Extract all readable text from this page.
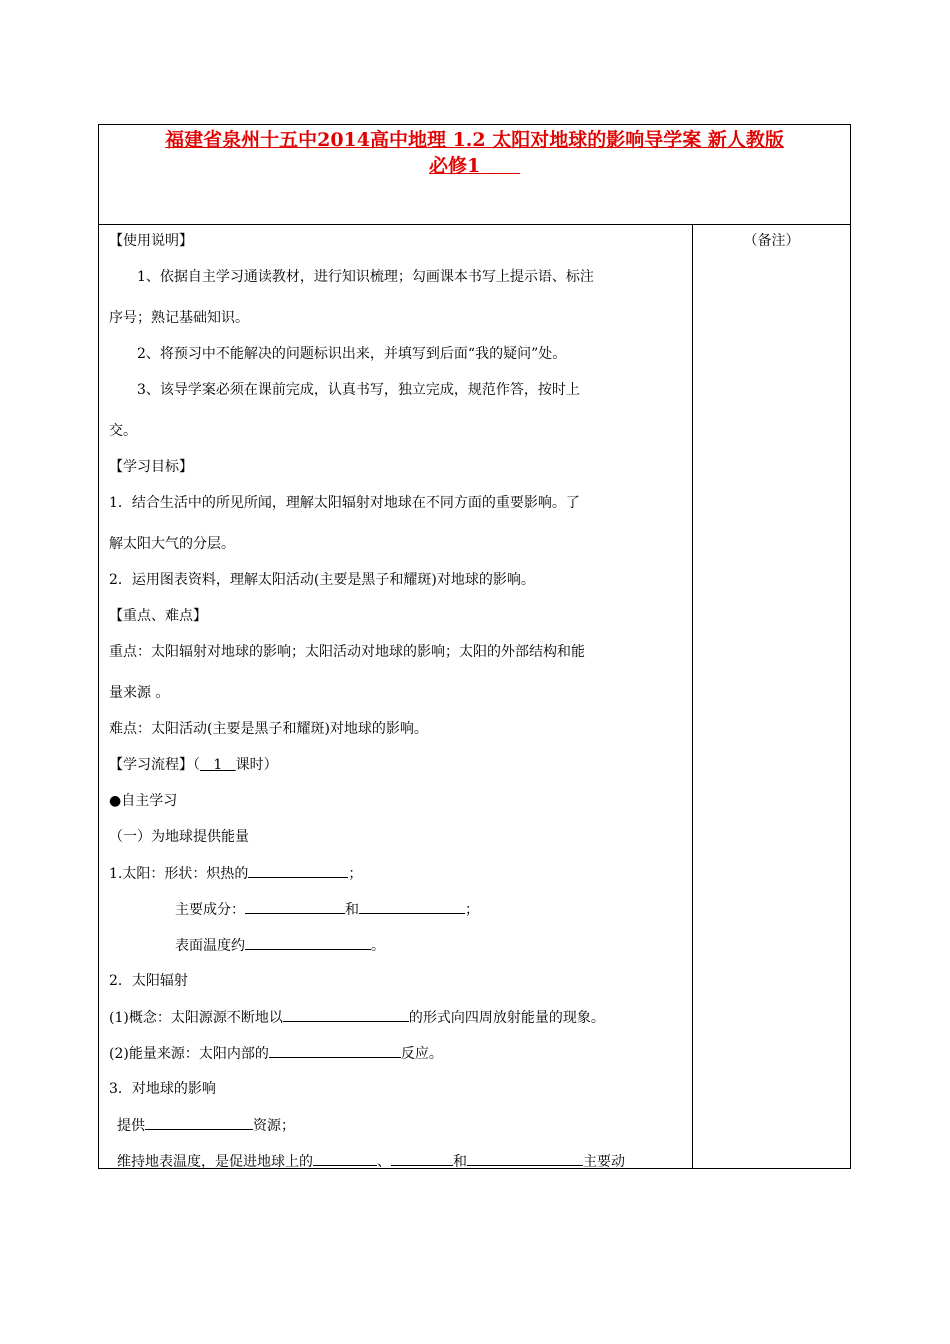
福建省泉州十五中2014高中地理 1.2 太阳对地球的影响导学案 新人教版
必修1
（备注）
【使用说明】
1、依据自主学习通读教材，进行知识梳理；勾画课本书写上提示语、标注
序号；熟记基础知识。
2、将预习中不能解决的问题标识出来，并填写到后面“我的疑问”处。
3、该导学案必须在课前完成，认真书写，独立完成，规范作答，按时上
交。
【学习目标】
1．结合生活中的所见所闻，理解太阳辐射对地球在不同方面的重要影响。了
解太阳大气的分层。
2．运用图表资料，理解太阳活动(主要是黑子和耀斑)对地球的影响。
【重点、难点】
重点：太阳辐射对地球的影响；太阳活动对地球的影响；太阳的外部结构和能
量来源 。
难点：太阳活动(主要是黑子和耀斑)对地球的影响。
【学习流程】（ 1 课时）
●自主学习
（一）为地球提供能量
1.太阳：形状：炽热的	；
主要成分：	和	；
表面温度约	。
2．太阳辐射
(1)概念：太阳源源不断地以	的形式向四周放射能量的现象。
(2)能量来源：太阳内部的	反应。
3．对地球的影响
提供	资源；
维持地表温度，是促进地球上的	、	和	主要动
